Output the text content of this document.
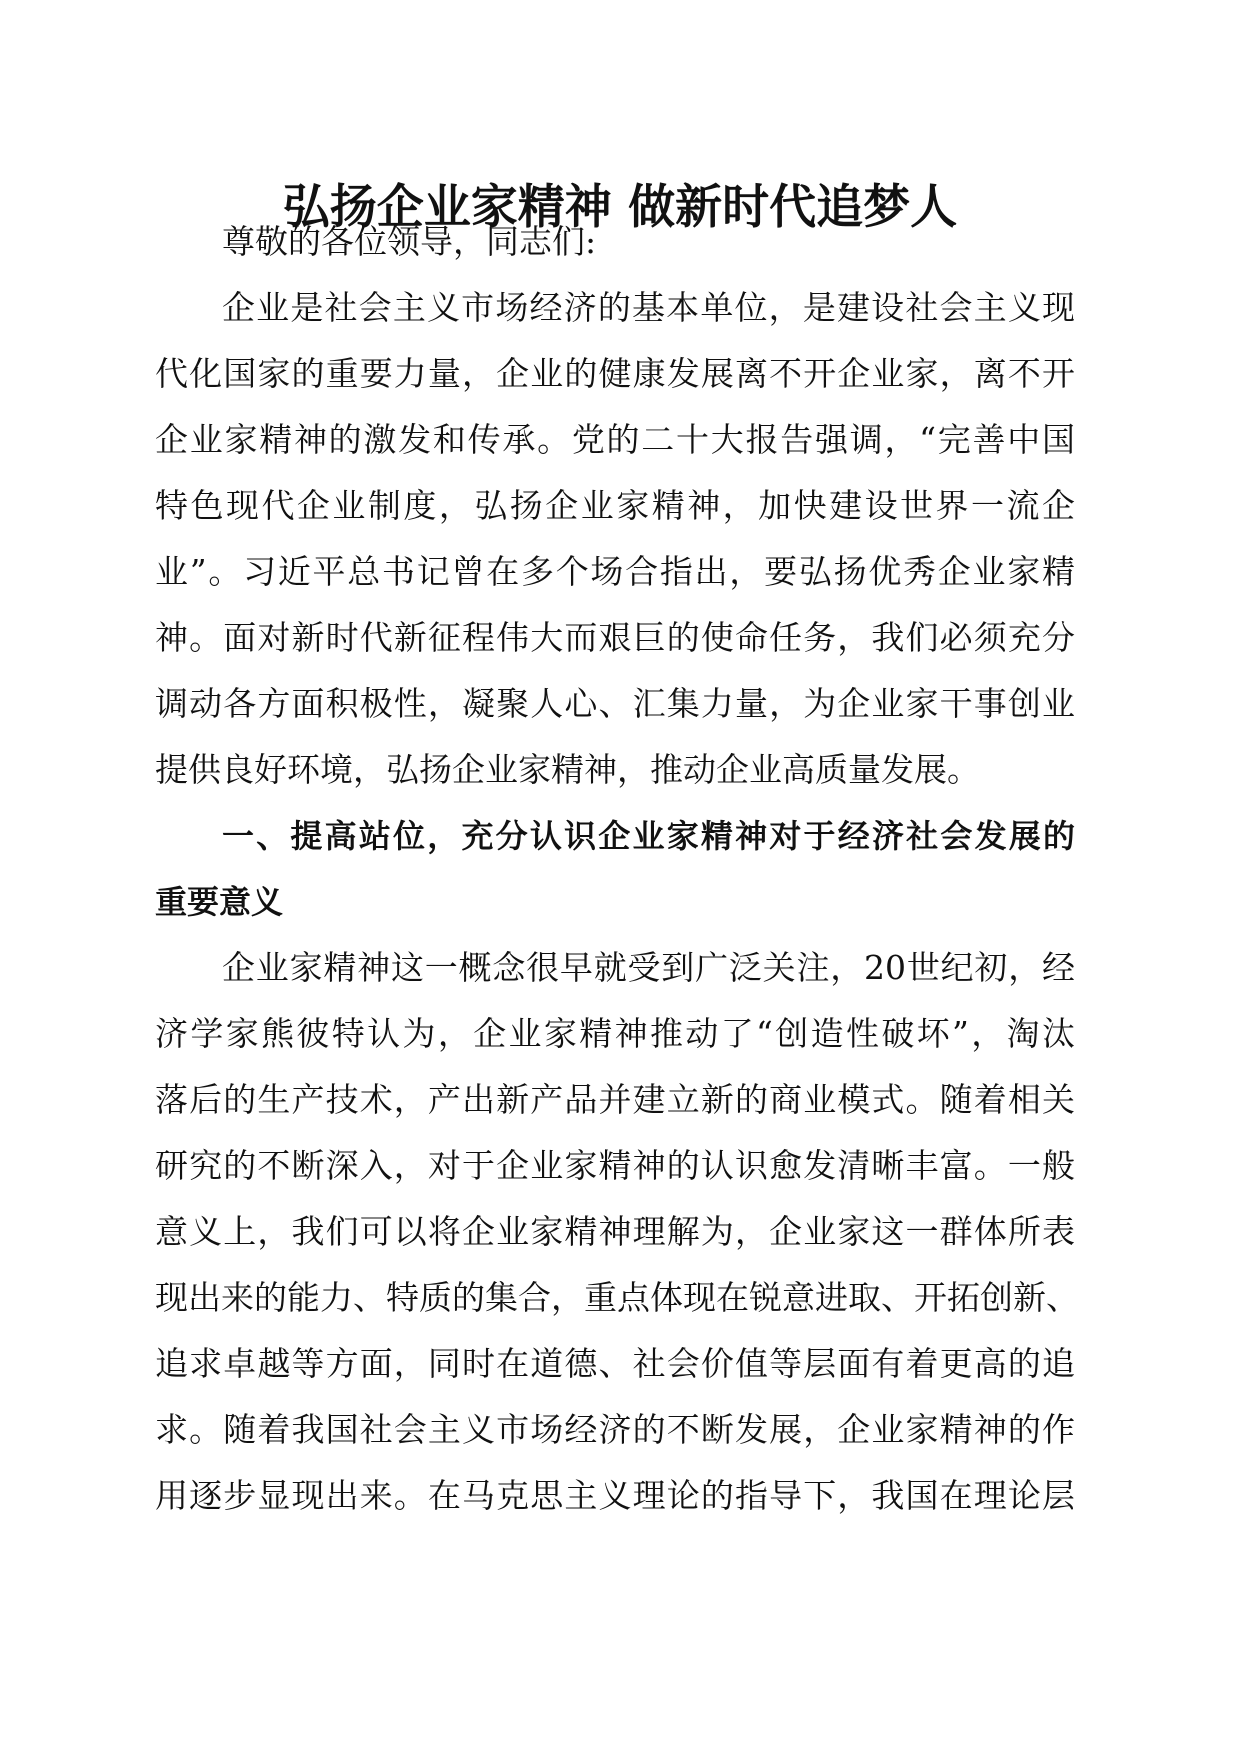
弘扬企业家精神 做新时代追梦人
尊敬的各位领导，同志们:
企业是社会主义市场经济的基本单位，是建设社会主义现
代化国家的重要力量，企业的健康发展离不开企业家，离不开
企业家精神的激发和传承。党的二十大报告强调，“完善中国
特色现代企业制度，弘扬企业家精神，加快建设世界一流企
业”。习近平总书记曾在多个场合指出，要弘扬优秀企业家精
神。面对新时代新征程伟大而艰巨的使命任务，我们必须充分
调动各方面积极性，凝聚人心、汇集力量，为企业家干事创业
提供良好环境，弘扬企业家精神，推动企业高质量发展。
一、提高站位，充分认识企业家精神对于经济社会发展的
重要意义
企业家精神这一概念很早就受到广泛关注，20世纪初，经
济学家熊彼特认为，企业家精神推动了“创造性破坏”，淘汰
落后的生产技术，产出新产品并建立新的商业模式。随着相关
研究的不断深入，对于企业家精神的认识愈发清晰丰富。一般
意义上，我们可以将企业家精神理解为，企业家这一群体所表
现出来的能力、特质的集合，重点体现在锐意进取、开拓创新、
追求卓越等方面，同时在道德、社会价值等层面有着更高的追
求。随着我国社会主义市场经济的不断发展，企业家精神的作
用逐步显现出来。在马克思主义理论的指导下，我国在理论层
